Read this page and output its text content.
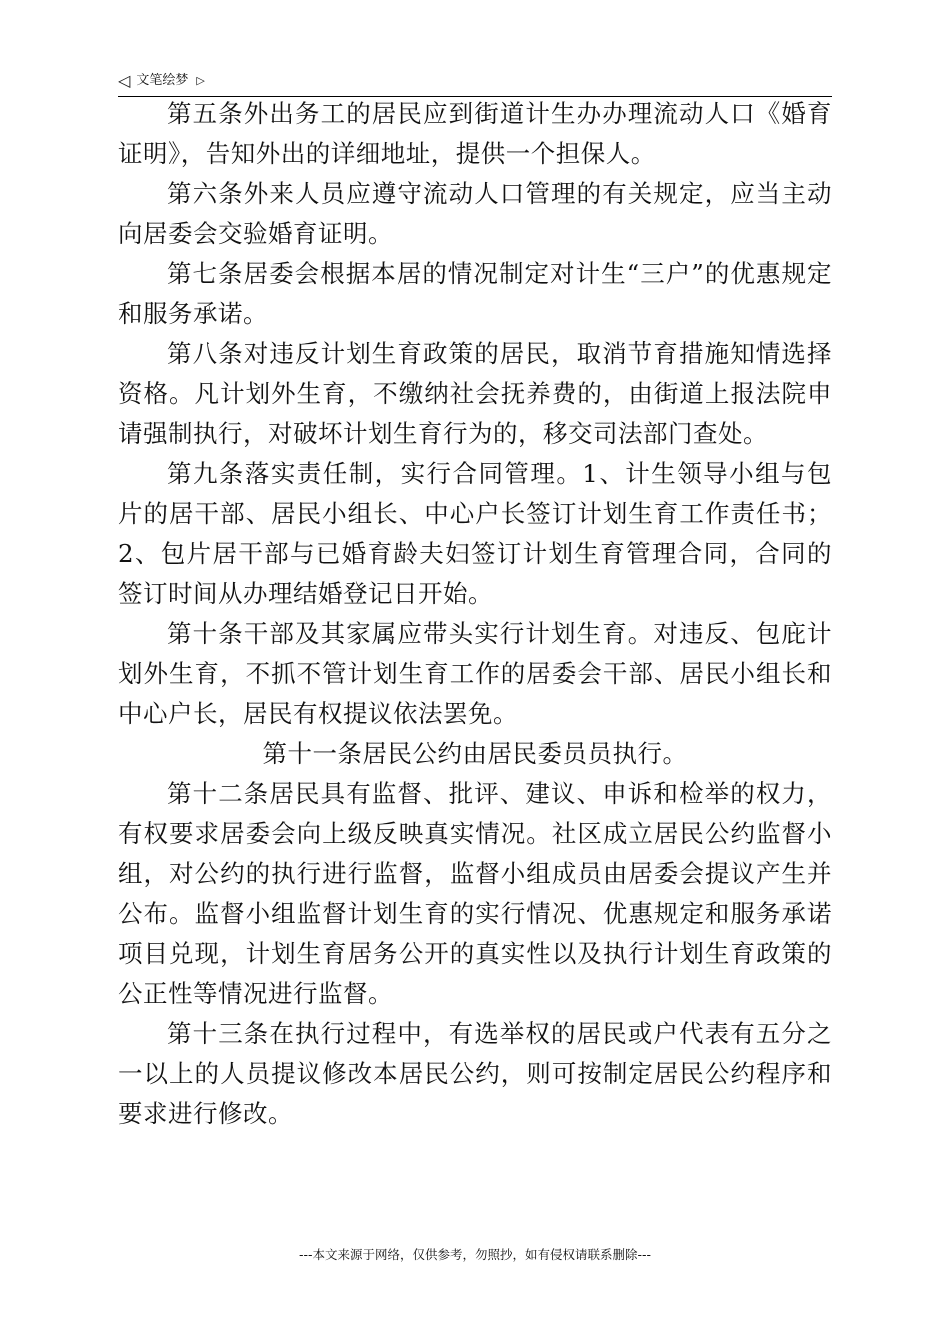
◁ 文笔绘梦 ▷

第五条外出务工的居民应到街道计生办办理流动人口《婚育证明》，告知外出的详细地址，提供一个担保人。

第六条外来人员应遵守流动人口管理的有关规定，应当主动向居委会交验婚育证明。

第七条居委会根据本居的情况制定对计生“三户”的优惠规定和服务承诺。

第八条对违反计划生育政策的居民，取消节育措施知情选择资格。凡计划外生育，不缴纳社会抚养费的，由街道上报法院申请强制执行，对破坏计划生育行为的，移交司法部门查处。

第九条落实责任制，实行合同管理。1、计生领导小组与包片的居干部、居民小组长、中心户长签订计划生育工作责任书；2、包片居干部与已婚育龄夫妇签订计划生育管理合同，合同的签订时间从办理结婚登记日开始。

第十条干部及其家属应带头实行计划生育。对违反、包庇计划外生育，不抓不管计划生育工作的居委会干部、居民小组长和中心户长，居民有权提议依法罢免。

第十一条居民公约由居民委员员执行。

第十二条居民具有监督、批评、建议、申诉和检举的权力，有权要求居委会向上级反映真实情况。社区成立居民公约监督小组，对公约的执行进行监督，监督小组成员由居委会提议产生并公布。监督小组监督计划生育的实行情况、优惠规定和服务承诺项目兑现，计划生育居务公开的真实性以及执行计划生育政策的公正性等情况进行监督。

第十三条在执行过程中，有选举权的居民或户代表有五分之一以上的人员提议修改本居民公约，则可按制定居民公约程序和要求进行修改。

---本文来源于网络，仅供参考，勿照抄，如有侵权请联系删除---
